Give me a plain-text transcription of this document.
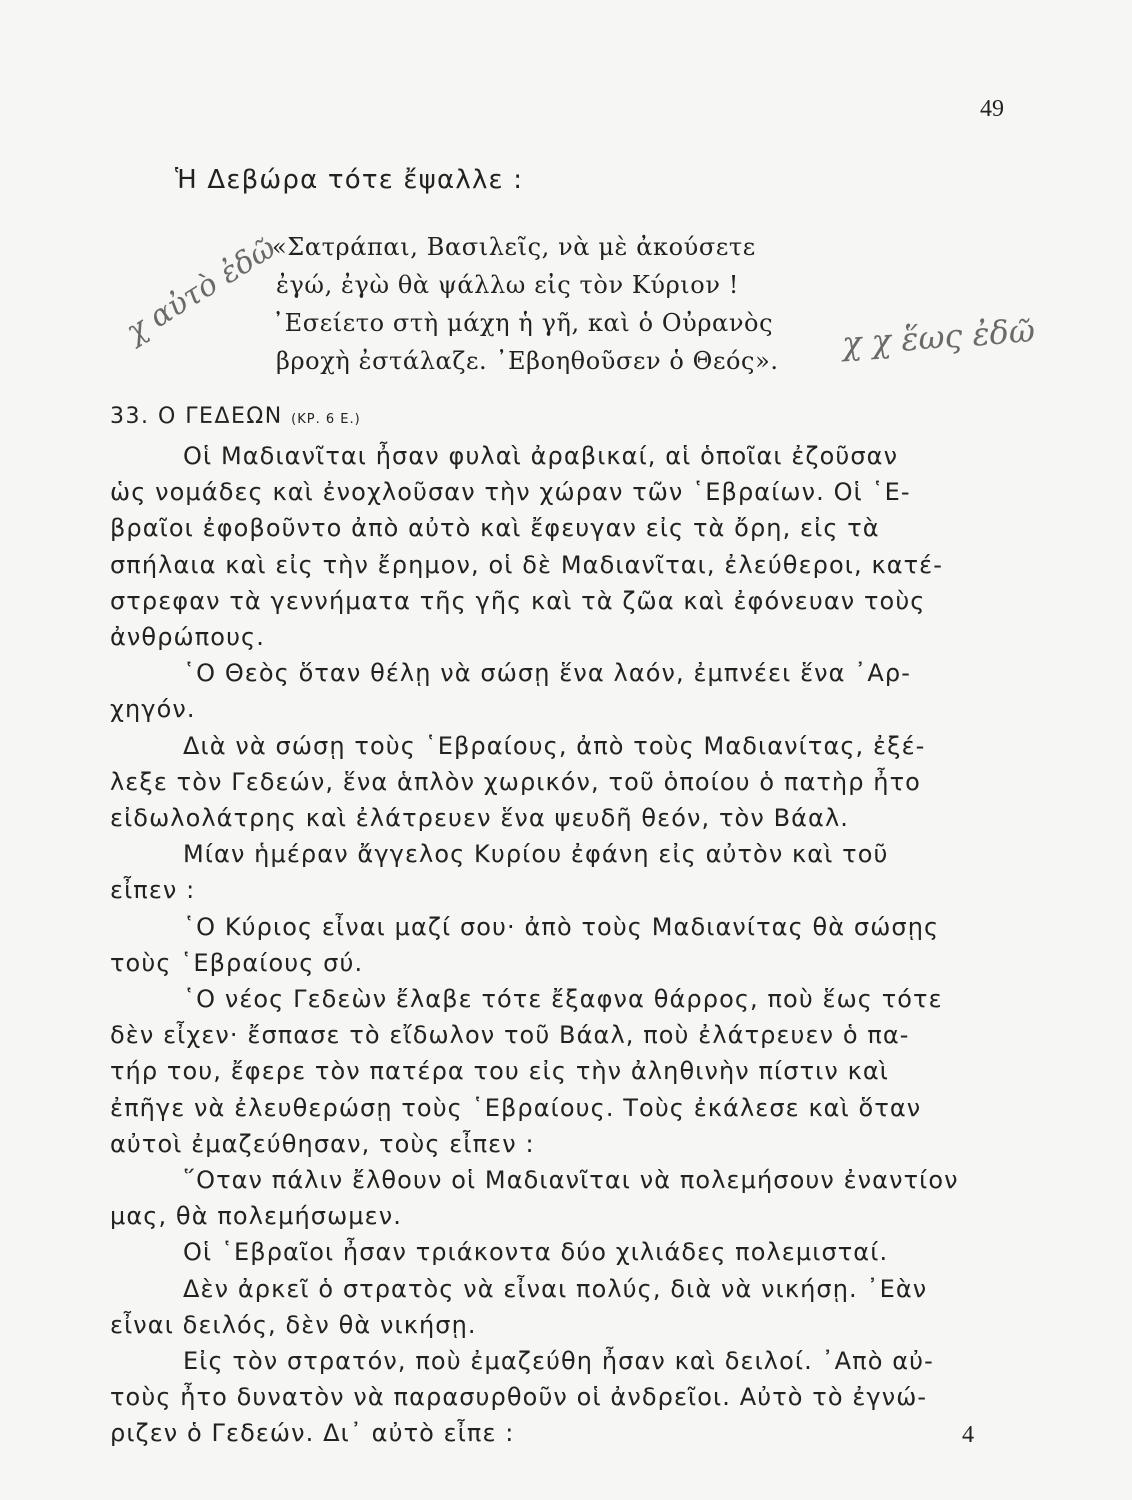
49

Ἡ Δεβώρα τότε ἔψαλλε :

«Σατράπαι, Βασιλεῖς, νὰ μὲ ἀκούσετε
ἐγώ, ἐγὼ θὰ ψάλλω εἰς τὸν Κύριον !
᾿Εσείετο στὴ μάχη ἡ γῆ, καὶ ὁ Οὐρανὸς
βροχὴ ἐστάλαζε. ᾿Εβοηθοῦσεν ὁ Θεός».
χ αὐτὸ ἐδῶ	χ χ ἕως ἐδῶ
33. Ο ΓΕΔΕΩΝ (ΚΡ. 6 Ε.)
Οἱ Μαδιανῖται ἦσαν φυλαὶ ἀραβικαί, αἱ ὁποῖαι ἐζοῦσαν
ὡς νομάδες καὶ ἐνοχλοῦσαν τὴν χώραν τῶν ῾Εβραίων. Οἱ ῾Ε-
βραῖοι ἐφοβοῦντο ἀπὸ αὐτὸ καὶ ἔφευγαν εἰς τὰ ὄρη, εἰς τὰ
σπήλαια καὶ εἰς τὴν ἔρημον, οἱ δὲ Μαδιανῖται, ἐλεύθεροι, κατέ-
στρεφαν τὰ γεννήματα τῆς γῆς καὶ τὰ ζῶα καὶ ἐφόνευαν τοὺς
ἀνθρώπους.
῾Ο Θεὸς ὅταν θέλῃ νὰ σώσῃ ἕνα λαόν, ἐμπνέει ἕνα ᾿Αρ-
χηγόν.
Διὰ νὰ σώσῃ τοὺς ῾Εβραίους, ἀπὸ τοὺς Μαδιανίτας, ἐξέ-
λεξε τὸν Γεδεών, ἕνα ἁπλὸν χωρικόν, τοῦ ὁποίου ὁ πατὴρ ἦτο
εἰδωλολάτρης καὶ ἐλάτρευεν ἕνα ψευδῆ θεόν, τὸν Βάαλ.
Μίαν ἡμέραν ἄγγελος Κυρίου ἐφάνη εἰς αὐτὸν καὶ τοῦ
εἶπεν :
῾Ο Κύριος εἶναι μαζί σου· ἀπὸ τοὺς Μαδιανίτας θὰ σώσῃς
τοὺς ῾Εβραίους σύ.
῾Ο νέος Γεδεὼν ἔλαβε τότε ἔξαφνα θάρρος, ποὺ ἕως τότε
δὲν εἶχεν· ἔσπασε τὸ εἴδωλον τοῦ Βάαλ, ποὺ ἐλάτρευεν ὁ πα-
τήρ του, ἔφερε τὸν πατέρα του εἰς τὴν ἀληθινὴν πίστιν καὶ
ἐπῆγε νὰ ἐλευθερώσῃ τοὺς ῾Εβραίους. Τοὺς ἐκάλεσε καὶ ὅταν
αὐτοὶ ἐμαζεύθησαν, τοὺς εἶπεν :
῞Οταν πάλιν ἔλθουν οἱ Μαδιανῖται νὰ πολεμήσουν ἐναντίον
μας, θὰ πολεμήσωμεν.
Οἱ ῾Εβραῖοι ἦσαν τριάκοντα δύο χιλιάδες πολεμισταί.
Δὲν ἀρκεῖ ὁ στρατὸς νὰ εἶναι πολύς, διὰ νὰ νικήσῃ. ᾿Εὰν
εἶναι δειλός, δὲν θὰ νικήσῃ.
Εἰς τὸν στρατόν, ποὺ ἐμαζεύθη ἦσαν καὶ δειλοί. ᾿Απὸ αὐ-
τοὺς ἦτο δυνατὸν νὰ παρασυρθοῦν οἱ ἀνδρεῖοι. Αὐτὸ τὸ ἐγνώ-
ριζεν ὁ Γεδεών. Δι᾿ αὐτὸ εἶπε :	4
